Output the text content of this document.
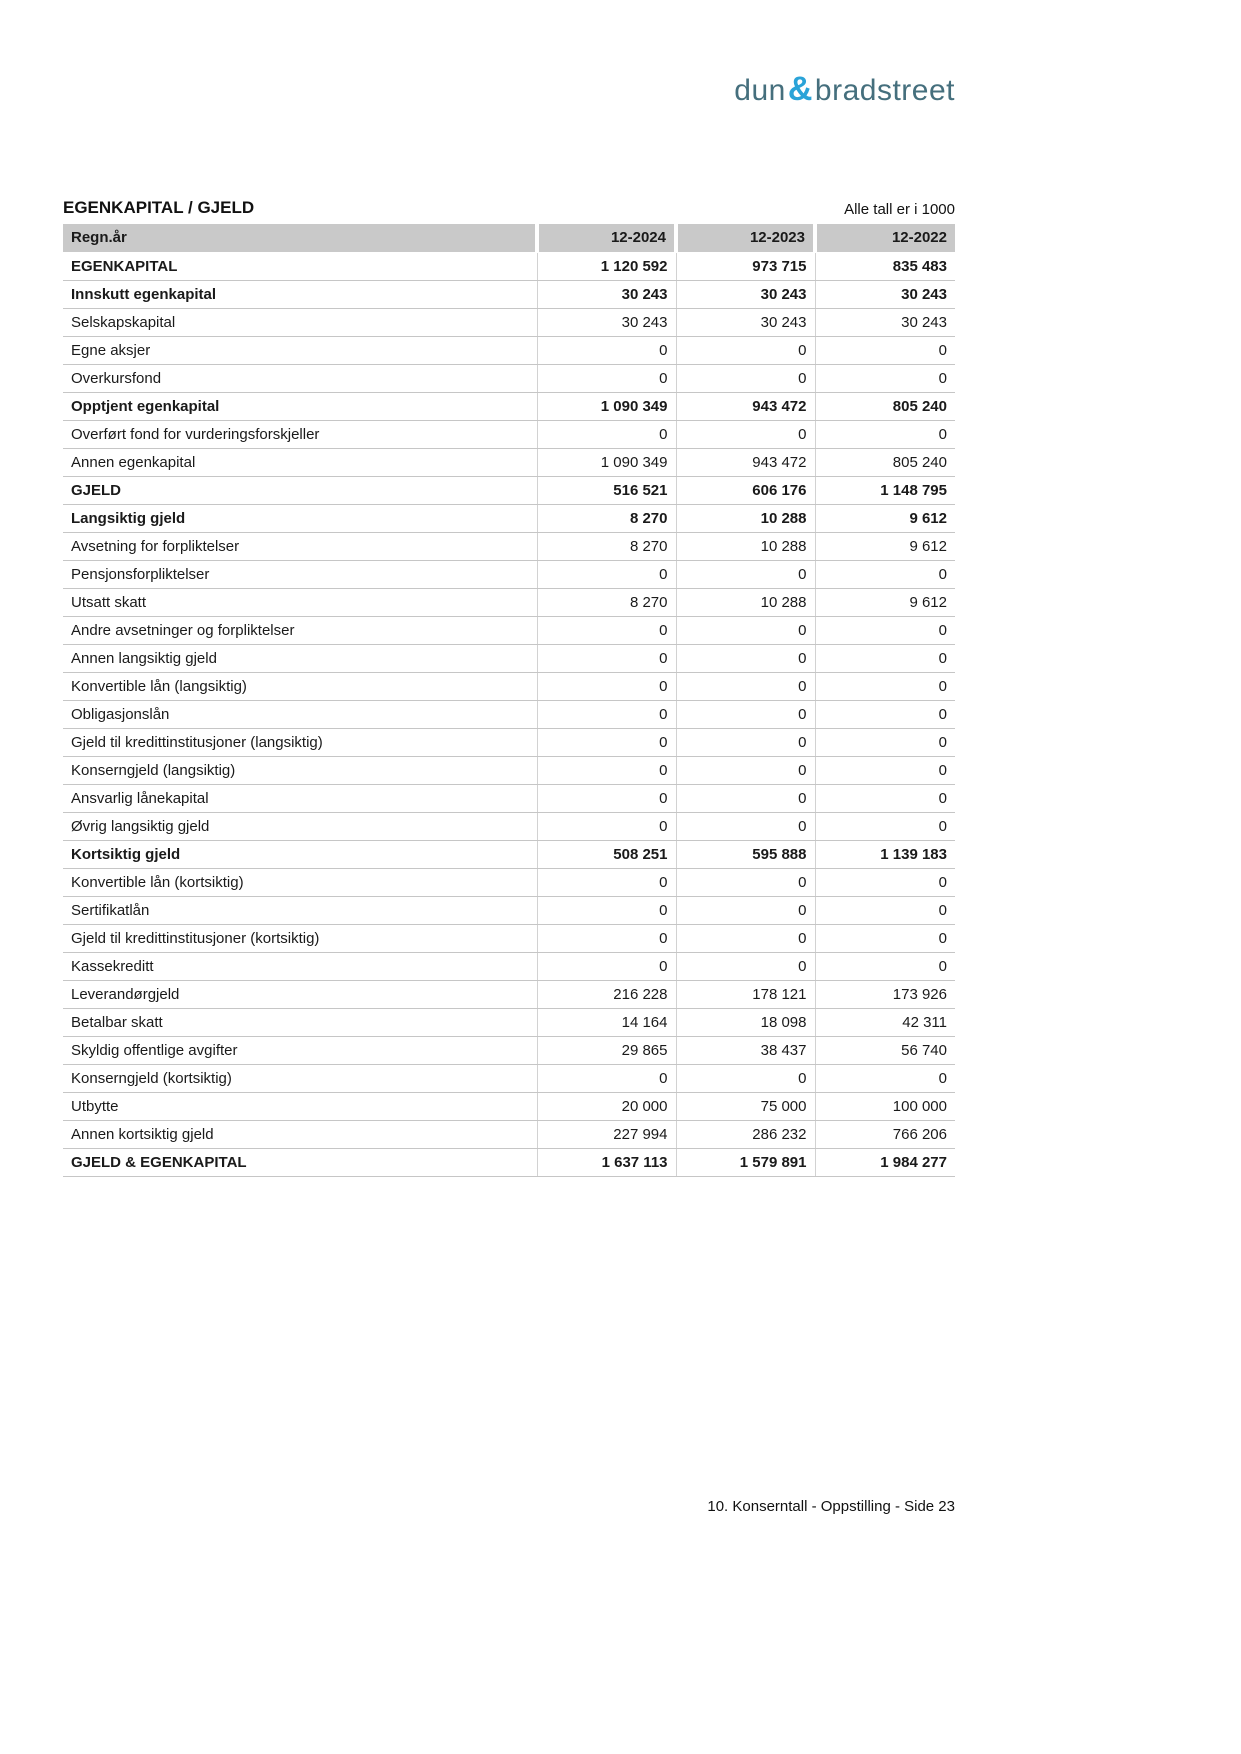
dun&bradstreet
EGENKAPITAL / GJELD	Alle tall er i 1000
Regn.år	12-2024	12-2023	12-2022
EGENKAPITAL	1 120 592	973 715	835 483
Innskutt egenkapital	30 243	30 243	30 243
Selskapskapital	30 243	30 243	30 243
Egne aksjer	0	0	0
Overkursfond	0	0	0
Opptjent egenkapital	1 090 349	943 472	805 240
Overført fond for vurderingsforskjeller	0	0	0
Annen egenkapital	1 090 349	943 472	805 240
GJELD	516 521	606 176	1 148 795
Langsiktig gjeld	8 270	10 288	9 612
Avsetning for forpliktelser	8 270	10 288	9 612
Pensjonsforpliktelser	0	0	0
Utsatt skatt	8 270	10 288	9 612
Andre avsetninger og forpliktelser	0	0	0
Annen langsiktig gjeld	0	0	0
Konvertible lån (langsiktig)	0	0	0
Obligasjonslån	0	0	0
Gjeld til kredittinstitusjoner (langsiktig)	0	0	0
Konserngjeld (langsiktig)	0	0	0
Ansvarlig lånekapital	0	0	0
Øvrig langsiktig gjeld	0	0	0
Kortsiktig gjeld	508 251	595 888	1 139 183
Konvertible lån (kortsiktig)	0	0	0
Sertifikatlån	0	0	0
Gjeld til kredittinstitusjoner (kortsiktig)	0	0	0
Kassekreditt	0	0	0
Leverandørgjeld	216 228	178 121	173 926
Betalbar skatt	14 164	18 098	42 311
Skyldig offentlige avgifter	29 865	38 437	56 740
Konserngjeld (kortsiktig)	0	0	0
Utbytte	20 000	75 000	100 000
Annen kortsiktig gjeld	227 994	286 232	766 206
GJELD & EGENKAPITAL	1 637 113	1 579 891	1 984 277
10. Konserntall - Oppstilling - Side 23
